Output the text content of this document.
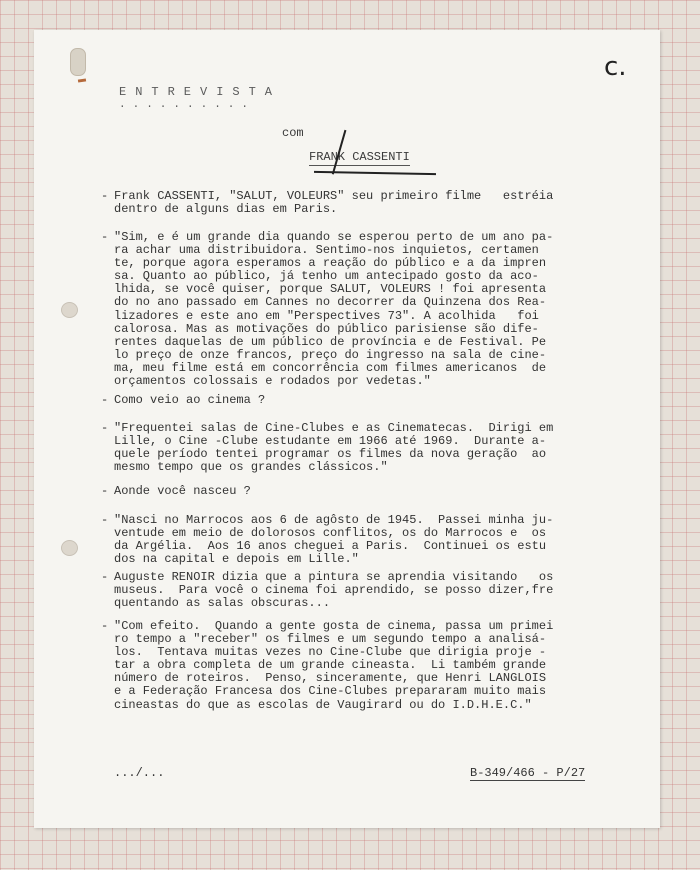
c.
ENTREVISTA
..........
com
FRANK CASSENTI
- Frank CASSENTI, "SALUT, VOLEURS" seu primeiro filme   estréia
dentro de alguns dias em Paris.
- "Sim, e é um grande dia quando se esperou perto de um ano pa-
ra achar uma distribuidora. Sentimo-nos inquietos, certamen
te, porque agora esperamos a reação do público e a da impren
sa. Quanto ao público, já tenho um antecipado gosto da aco-
lhida, se você quiser, porque SALUT, VOLEURS ! foi apresenta
do no ano passado em Cannes no decorrer da Quinzena dos Rea-
lizadores e este ano em "Perspectives 73". A acolhida   foi
calorosa. Mas as motivações do público parisiense são dife-
rentes daquelas de um público de província e de Festival. Pe
lo preço de onze francos, preço do ingresso na sala de cine-
ma, meu filme está em concorrência com filmes americanos  de
orçamentos colossais e rodados por vedetas."
- Como veio ao cinema ?
- "Frequentei salas de Cine-Clubes e as Cinematecas.  Dirigi em
Lille, o Cine -Clube estudante em 1966 até 1969.  Durante a-
quele período tentei programar os filmes da nova geração  ao
mesmo tempo que os grandes clássicos."
- Aonde você nasceu ?
- "Nasci no Marrocos aos 6 de agôsto de 1945.  Passei minha ju-
ventude em meio de dolorosos conflitos, os do Marrocos e  os
da Argélia.  Aos 16 anos cheguei a Paris.  Continuei os estu
dos na capital e depois em Lille."
- Auguste RENOIR dizia que a pintura se aprendia visitando   os
museus.  Para você o cinema foi aprendido, se posso dizer,fre
quentando as salas obscuras...
- "Com efeito.  Quando a gente gosta de cinema, passa um primei
ro tempo a "receber" os filmes e um segundo tempo a analisá-
los.  Tentava muitas vezes no Cine-Clube que dirigia proje -
tar a obra completa de um grande cineasta.  Li também grande
número de roteiros.  Penso, sinceramente, que Henri LANGLOIS
e a Federação Francesa dos Cine-Clubes prepararam muito mais
cineastas do que as escolas de Vaugirard ou do I.D.H.E.C."
.../...	B-349/466 - P/27
